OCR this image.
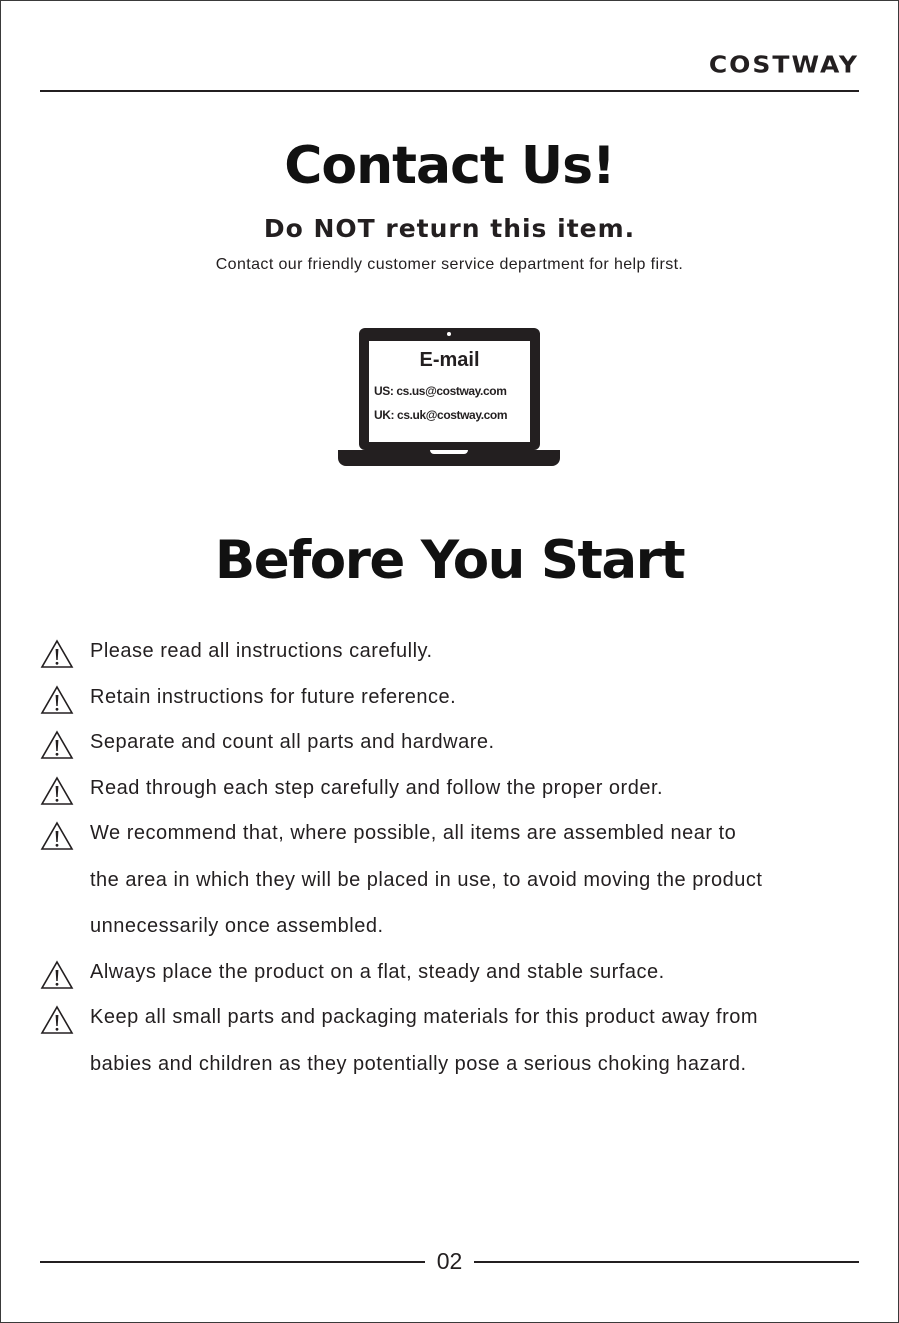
COSTWAY
Contact Us!
Do NOT return this item.
Contact our friendly customer service department for help first.
E-mail
US: cs.us@costway.com
UK: cs.uk@costway.com
Before You Start
Please read all instructions carefully.
Retain instructions for future reference.
Separate and count all parts and hardware.
Read through each step carefully and follow the proper order.
We recommend that, where possible, all items are assembled near to
the area in which they will be placed in use, to avoid moving the product
unnecessarily once assembled.
Always place the product on a flat, steady and stable surface.
Keep all small parts and packaging materials for this product away from
babies and children as they potentially pose a serious choking hazard.
02
